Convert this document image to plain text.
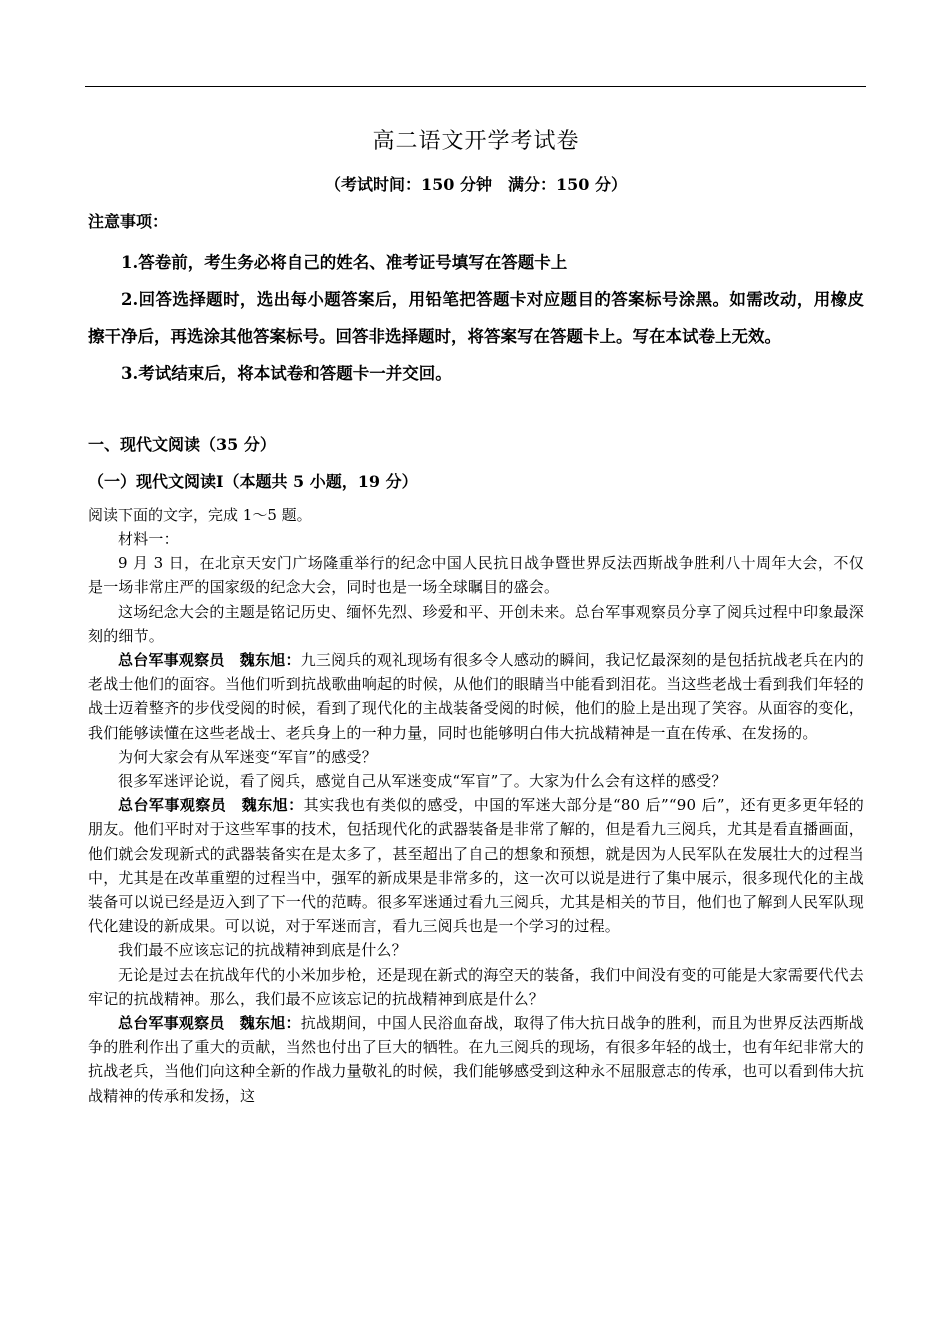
高二语文开学考试卷
（考试时间：150 分钟　满分：150 分）
注意事项：

1.答卷前，考生务必将自己的姓名、准考证号填写在答题卡上

2.回答选择题时，选出每小题答案后，用铅笔把答题卡对应题目的答案标号涂黑。如需改动，用橡皮擦干净后，再选涂其他答案标号。回答非选择题时，将答案写在答题卡上。写在本试卷上无效。

3.考试结束后，将本试卷和答题卡一并交回。

一、现代文阅读（35 分）
（一）现代文阅读Ⅰ（本题共 5 小题，19 分）
阅读下面的文字，完成 1～5 题。

材料一：

9 月 3 日，在北京天安门广场隆重举行的纪念中国人民抗日战争暨世界反法西斯战争胜利八十周年大会，不仅是一场非常庄严的国家级的纪念大会，同时也是一场全球瞩目的盛会。

这场纪念大会的主题是铭记历史、缅怀先烈、珍爱和平、开创未来。总台军事观察员分享了阅兵过程中印象最深刻的细节。

总台军事观察员　魏东旭：九三阅兵的观礼现场有很多令人感动的瞬间，我记忆最深刻的是包括抗战老兵在内的老战士他们的面容。当他们听到抗战歌曲响起的时候，从他们的眼睛当中能看到泪花。当这些老战士看到我们年轻的战士迈着整齐的步伐受阅的时候，看到了现代化的主战装备受阅的时候，他们的脸上是出现了笑容。从面容的变化，我们能够读懂在这些老战士、老兵身上的一种力量，同时也能够明白伟大抗战精神是一直在传承、在发扬的。

为何大家会有从军迷变“军盲”的感受？

很多军迷评论说，看了阅兵，感觉自己从军迷变成“军盲”了。大家为什么会有这样的感受？

总台军事观察员　魏东旭：其实我也有类似的感受，中国的军迷大部分是“80 后”“90 后”，还有更多更年轻的朋友。他们平时对于这些军事的技术，包括现代化的武器装备是非常了解的，但是看九三阅兵，尤其是看直播画面，他们就会发现新式的武器装备实在是太多了，甚至超出了自己的想象和预想，就是因为人民军队在发展壮大的过程当中，尤其是在改革重塑的过程当中，强军的新成果是非常多的，这一次可以说是进行了集中展示，很多现代化的主战装备可以说已经是迈入到了下一代的范畴。很多军迷通过看九三阅兵，尤其是相关的节目，他们也了解到人民军队现代化建设的新成果。可以说，对于军迷而言，看九三阅兵也是一个学习的过程。

我们最不应该忘记的抗战精神到底是什么？

无论是过去在抗战年代的小米加步枪，还是现在新式的海空天的装备，我们中间没有变的可能是大家需要代代去牢记的抗战精神。那么，我们最不应该忘记的抗战精神到底是什么？

总台军事观察员　魏东旭：抗战期间，中国人民浴血奋战，取得了伟大抗日战争的胜利，而且为世界反法西斯战争的胜利作出了重大的贡献，当然也付出了巨大的牺牲。在九三阅兵的现场，有很多年轻的战士，也有年纪非常大的抗战老兵，当他们向这种全新的作战力量敬礼的时候，我们能够感受到这种永不屈服意志的传承，也可以看到伟大抗战精神的传承和发扬，这
